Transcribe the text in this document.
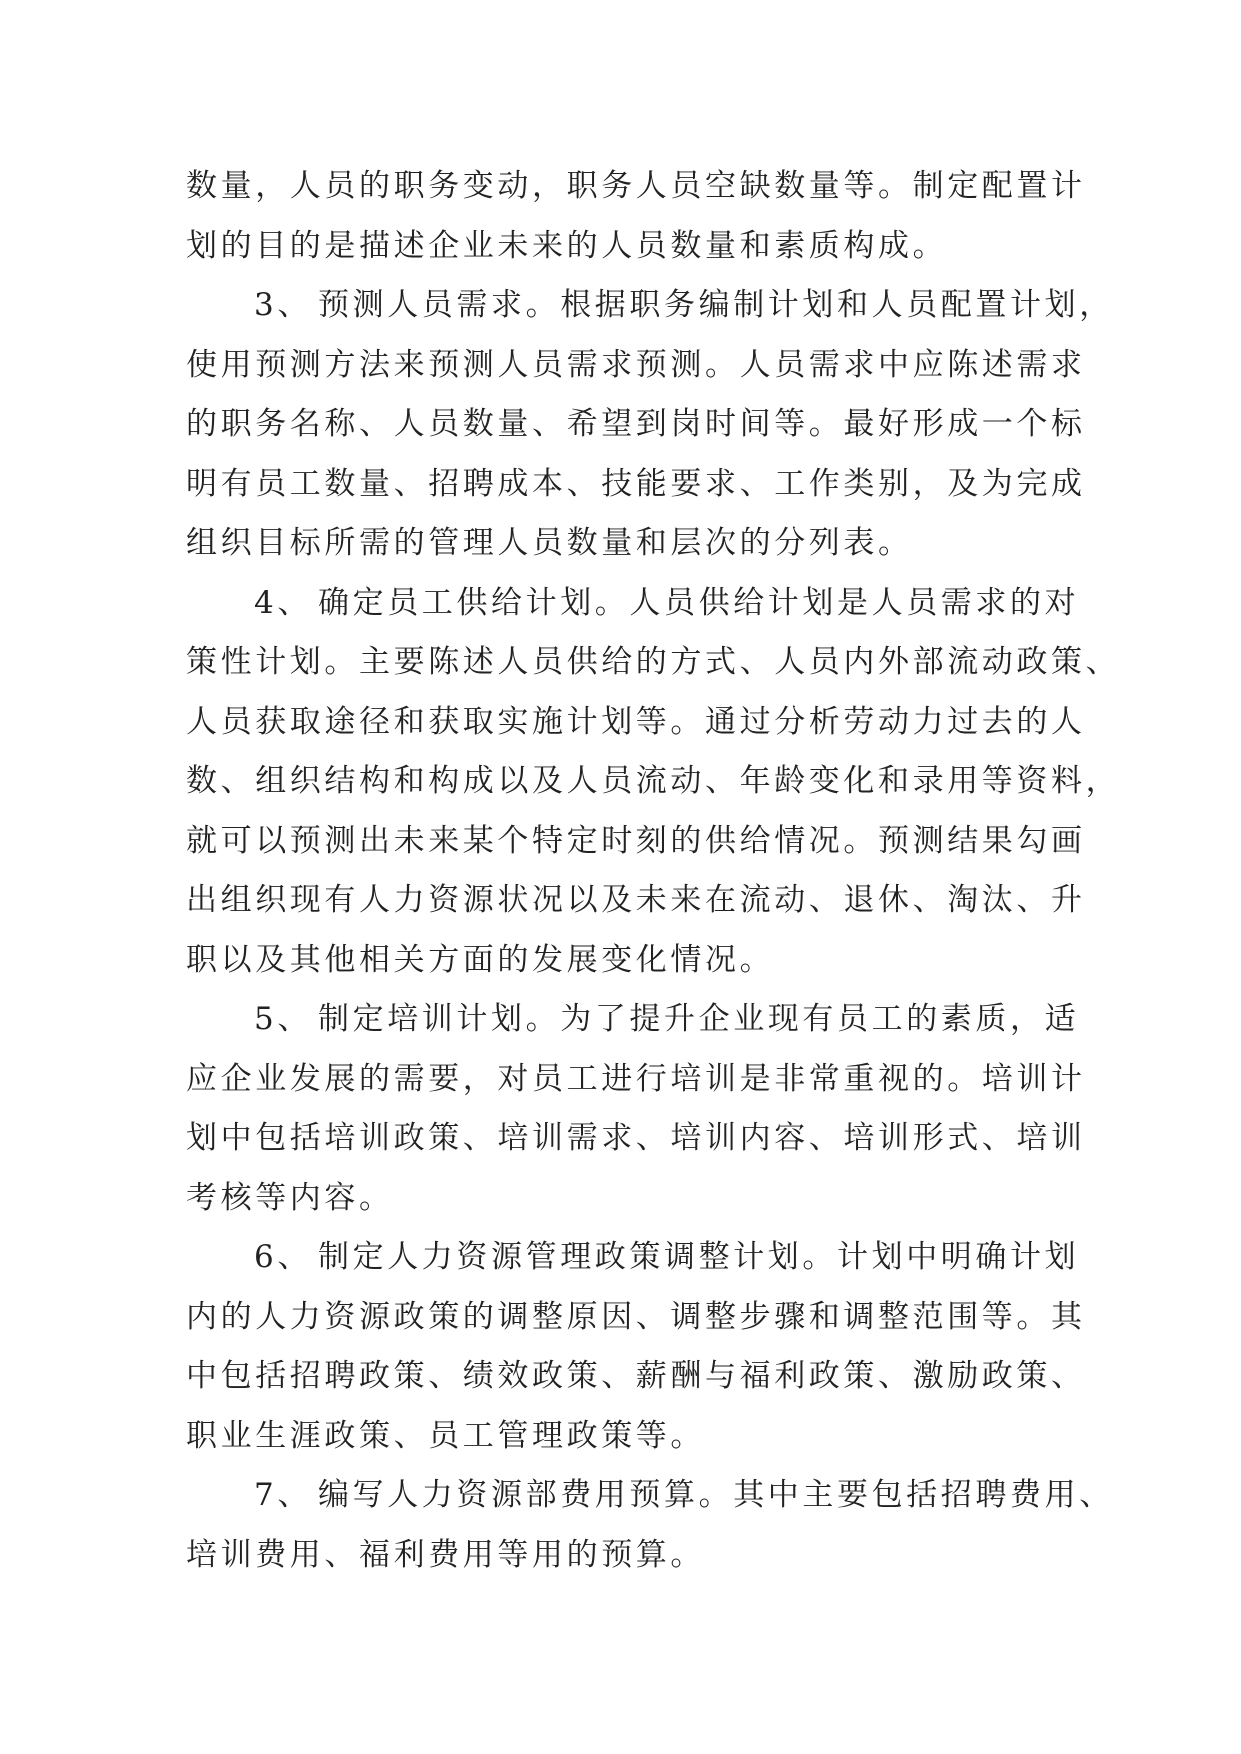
数量，人员的职务变动，职务人员空缺数量等。制定配置计
划的目的是描述企业未来的人员数量和素质构成。
3、 预测人员需求。根据职务编制计划和人员配置计划，
使用预测方法来预测人员需求预测。人员需求中应陈述需求
的职务名称、人员数量、希望到岗时间等。最好形成一个标
明有员工数量、招聘成本、技能要求、工作类别，及为完成
组织目标所需的管理人员数量和层次的分列表。
4、 确定员工供给计划。人员供给计划是人员需求的对
策性计划。主要陈述人员供给的方式、人员内外部流动政策、
人员获取途径和获取实施计划等。通过分析劳动力过去的人
数、组织结构和构成以及人员流动、年龄变化和录用等资料，
就可以预测出未来某个特定时刻的供给情况。预测结果勾画
出组织现有人力资源状况以及未来在流动、退休、淘汰、升
职以及其他相关方面的发展变化情况。
5、 制定培训计划。为了提升企业现有员工的素质，适
应企业发展的需要，对员工进行培训是非常重视的。培训计
划中包括培训政策、培训需求、培训内容、培训形式、培训
考核等内容。
6、 制定人力资源管理政策调整计划。计划中明确计划
内的人力资源政策的调整原因、调整步骤和调整范围等。其
中包括招聘政策、绩效政策、薪酬与福利政策、激励政策、
职业生涯政策、员工管理政策等。
7、 编写人力资源部费用预算。其中主要包括招聘费用、
培训费用、福利费用等用的预算。
